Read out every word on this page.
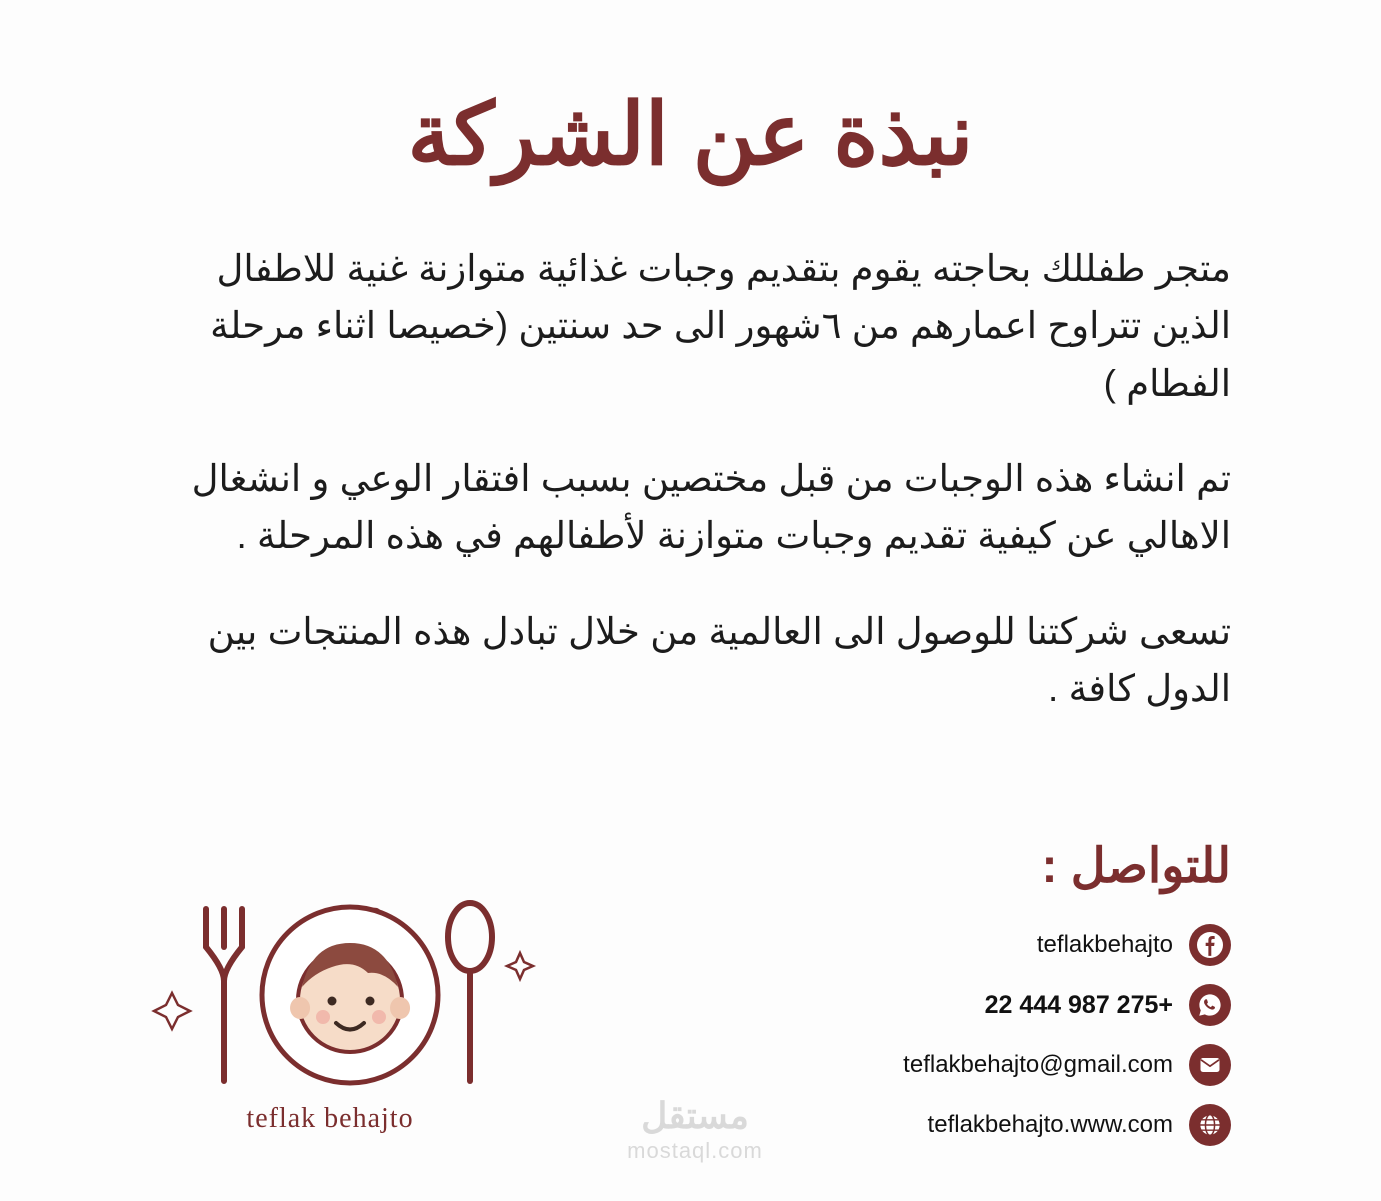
نبذة عن الشركة

متجر طفللك بحاجته يقوم بتقديم وجبات غذائية متوازنة غنية للاطفال الذين تتراوح اعمارهم من ٦شهور الى حد سنتين (خصيصا اثناء مرحلة الفطام )

تم انشاء هذه الوجبات من قبل مختصين بسبب افتقار الوعي و انشغال الاهالي عن كيفية تقديم وجبات متوازنة لأطفالهم في هذه المرحلة .

تسعى شركتنا للوصول الى العالمية من خلال تبادل هذه المنتجات بين الدول كافة .

للتواصل :
teflakbehajto
22 444 987 275+
teflakbehajto@gmail.com
teflakbehajto.www.com
teflak behajto	مستقل
mostaql.com
